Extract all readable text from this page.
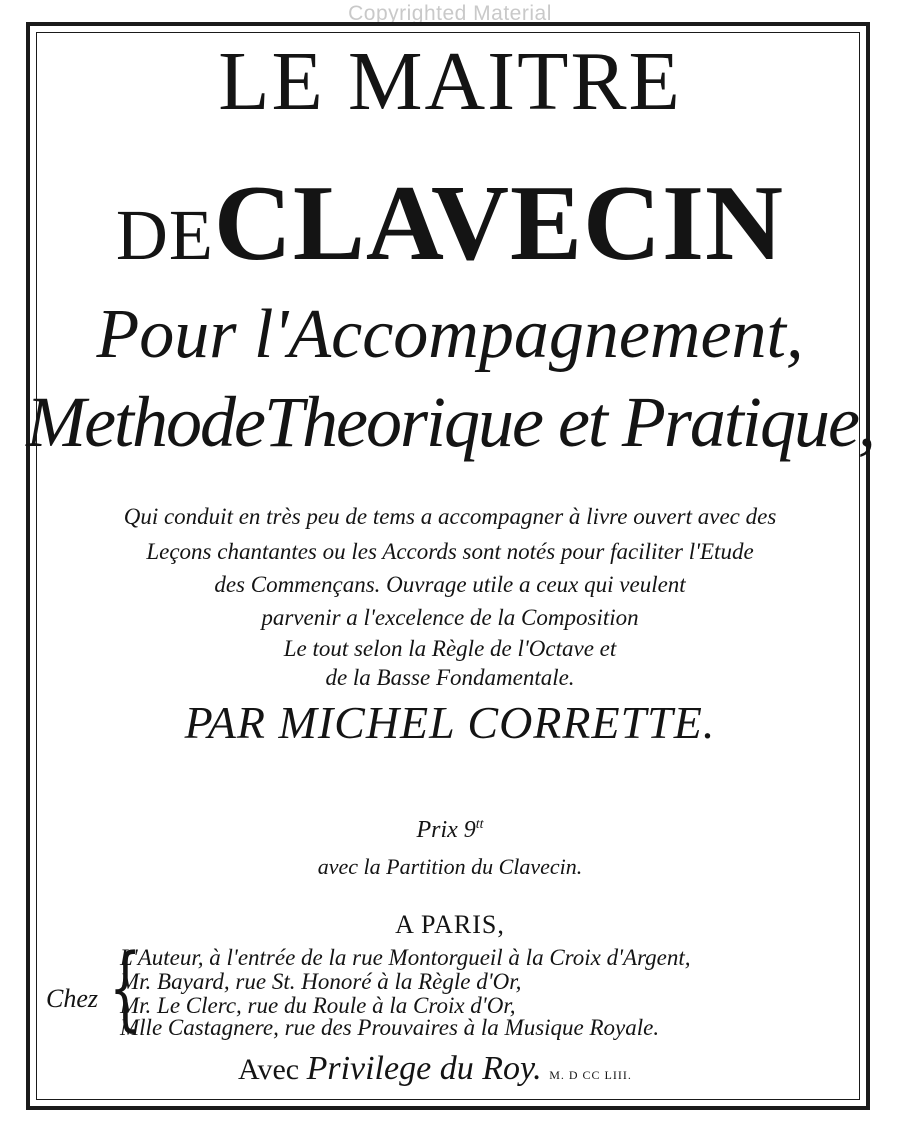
Copyrighted Material
LE MAITRE
DECLAVECIN
Pour l'Accompagnement,
MethodeTheorique et Pratique,
Qui conduit en très peu de tems a accompagner à livre ouvert avec des
Leçons chantantes ou les Accords sont notés pour faciliter l'Etude
des Commençans. Ouvrage utile a ceux qui veulent
parvenir a l'excelence de la Composition
Le tout selon la Règle de l'Octave et
de la Basse Fondamentale.
PAR MICHEL CORRETTE.
Prix $9^{tt}$
avec la Partition du Clavecin.
A PARIS,
Chez {
L'Auteur, à l'entrée de la rue Montorgueil à la Croix d'Argent,
Mr. Bayard, rue St. Honoré à la Règle d'Or,
Mr. Le Clerc, rue du Roule à la Croix d'Or,
Mlle Castagnere, rue des Prouvaires à la Musique Royale.
Avec Privilege du Roy. M. D CC LIII.
